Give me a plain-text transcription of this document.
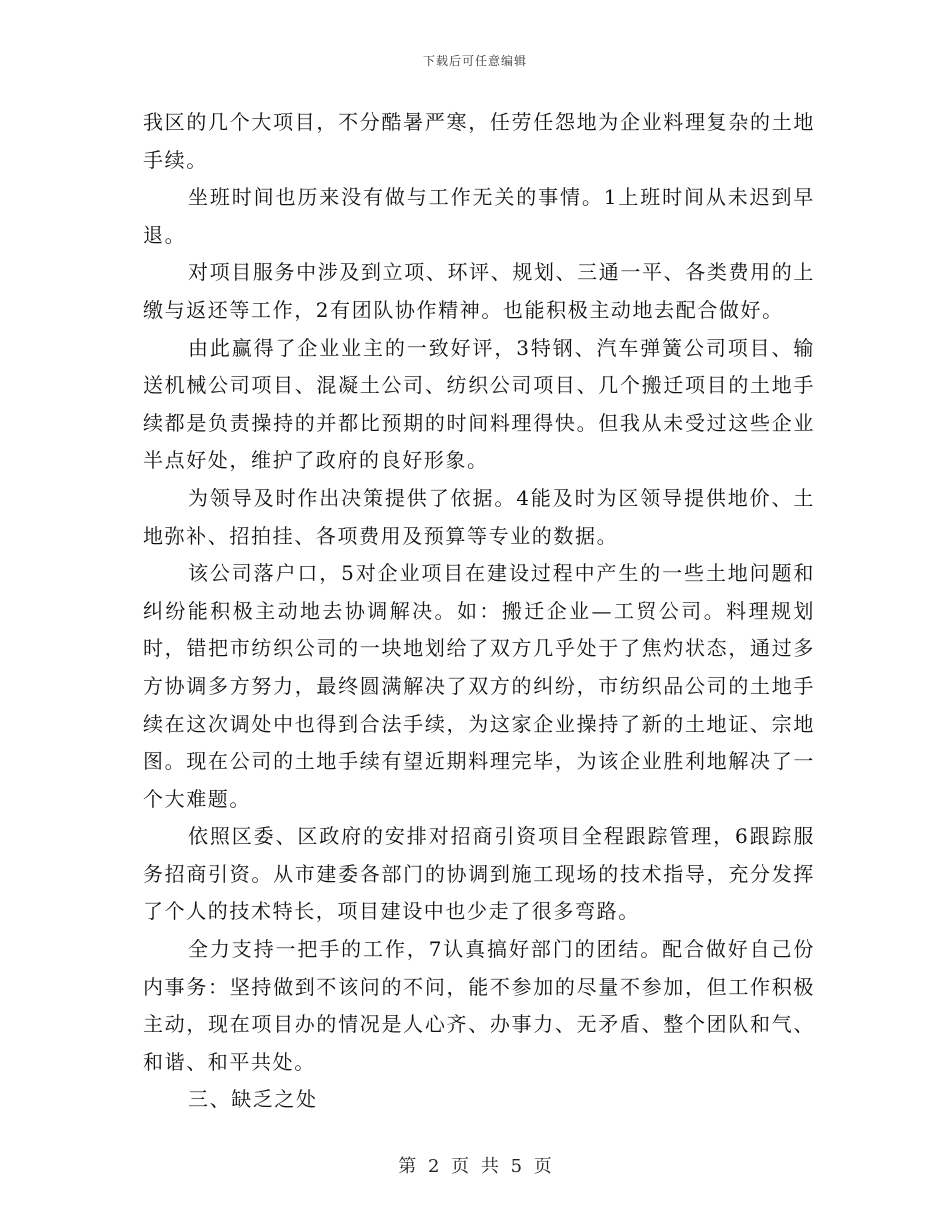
下载后可任意编辑

我区的几个大项目，不分酷暑严寒，任劳任怨地为企业料理复杂的土地手续。

坐班时间也历来没有做与工作无关的事情。1上班时间从未迟到早退。

对项目服务中涉及到立项、环评、规划、三通一平、各类费用的上缴与返还等工作，2有团队协作精神。也能积极主动地去配合做好。

由此赢得了企业业主的一致好评，3特钢、汽车弹簧公司项目、输送机械公司项目、混凝土公司、纺织公司项目、几个搬迁项目的土地手续都是负责操持的并都比预期的时间料理得快。但我从未受过这些企业半点好处，维护了政府的良好形象。

为领导及时作出决策提供了依据。4能及时为区领导提供地价、土地弥补、招拍挂、各项费用及预算等专业的数据。

该公司落户口，5对企业项目在建设过程中产生的一些土地问题和纠纷能积极主动地去协调解决。如：搬迁企业—工贸公司。料理规划时，错把市纺织公司的一块地划给了双方几乎处于了焦灼状态，通过多方协调多方努力，最终圆满解决了双方的纠纷，市纺织品公司的土地手续在这次调处中也得到合法手续，为这家企业操持了新的土地证、宗地图。现在公司的土地手续有望近期料理完毕，为该企业胜利地解决了一个大难题。

依照区委、区政府的安排对招商引资项目全程跟踪管理，6跟踪服务招商引资。从市建委各部门的协调到施工现场的技术指导，充分发挥了个人的技术特长，项目建设中也少走了很多弯路。

全力支持一把手的工作，7认真搞好部门的团结。配合做好自己份内事务：坚持做到不该问的不问，能不参加的尽量不参加，但工作积极主动，现在项目办的情况是人心齐、办事力、无矛盾、整个团队和气、和谐、和平共处。

三、缺乏之处

第 2 页 共 5 页
